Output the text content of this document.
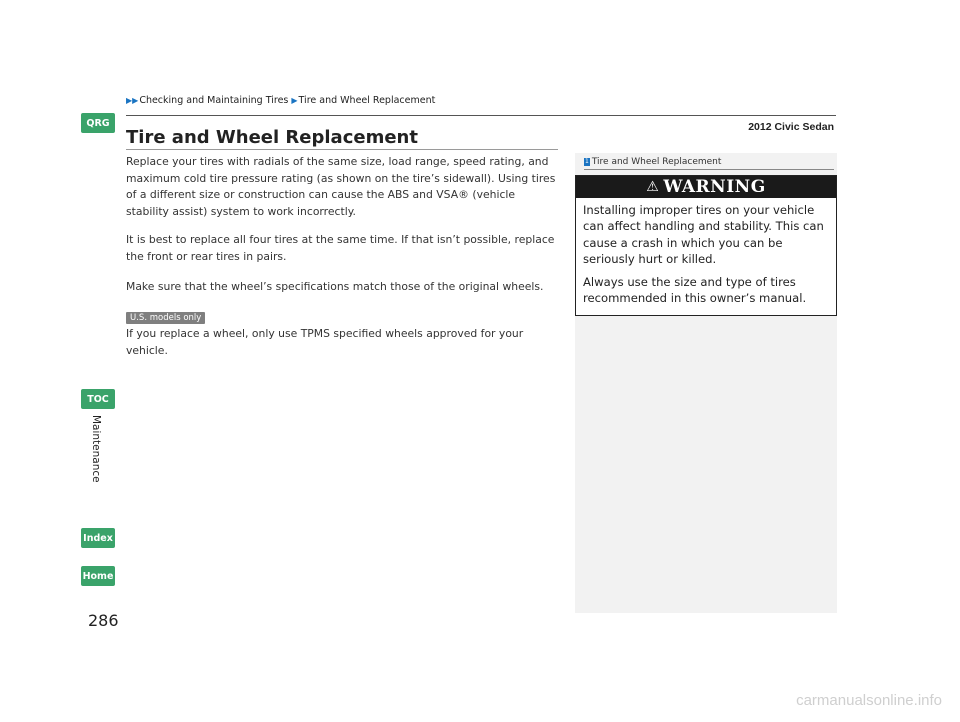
▶▶ Checking and Maintaining Tires ▶ Tire and Wheel Replacement
2012 Civic Sedan
QRG
TOC
Maintenance
Index
Home
Tire and Wheel Replacement
Replace your tires with radials of the same size, load range, speed rating, and maximum cold tire pressure rating (as shown on the tire’s sidewall). Using tires of a different size or construction can cause the ABS and VSA® (vehicle stability assist) system to work incorrectly.
It is best to replace all four tires at the same time. If that isn’t possible, replace the front or rear tires in pairs.
Make sure that the wheel’s specifications match those of the original wheels.
U.S. models only
If you replace a wheel, only use TPMS specified wheels approved for your vehicle.
1 Tire and Wheel Replacement
⚠ WARNING
Installing improper tires on your vehicle can affect handling and stability. This can cause a crash in which you can be seriously hurt or killed.
Always use the size and type of tires recommended in this owner’s manual.
286
carmanualsonline.info
